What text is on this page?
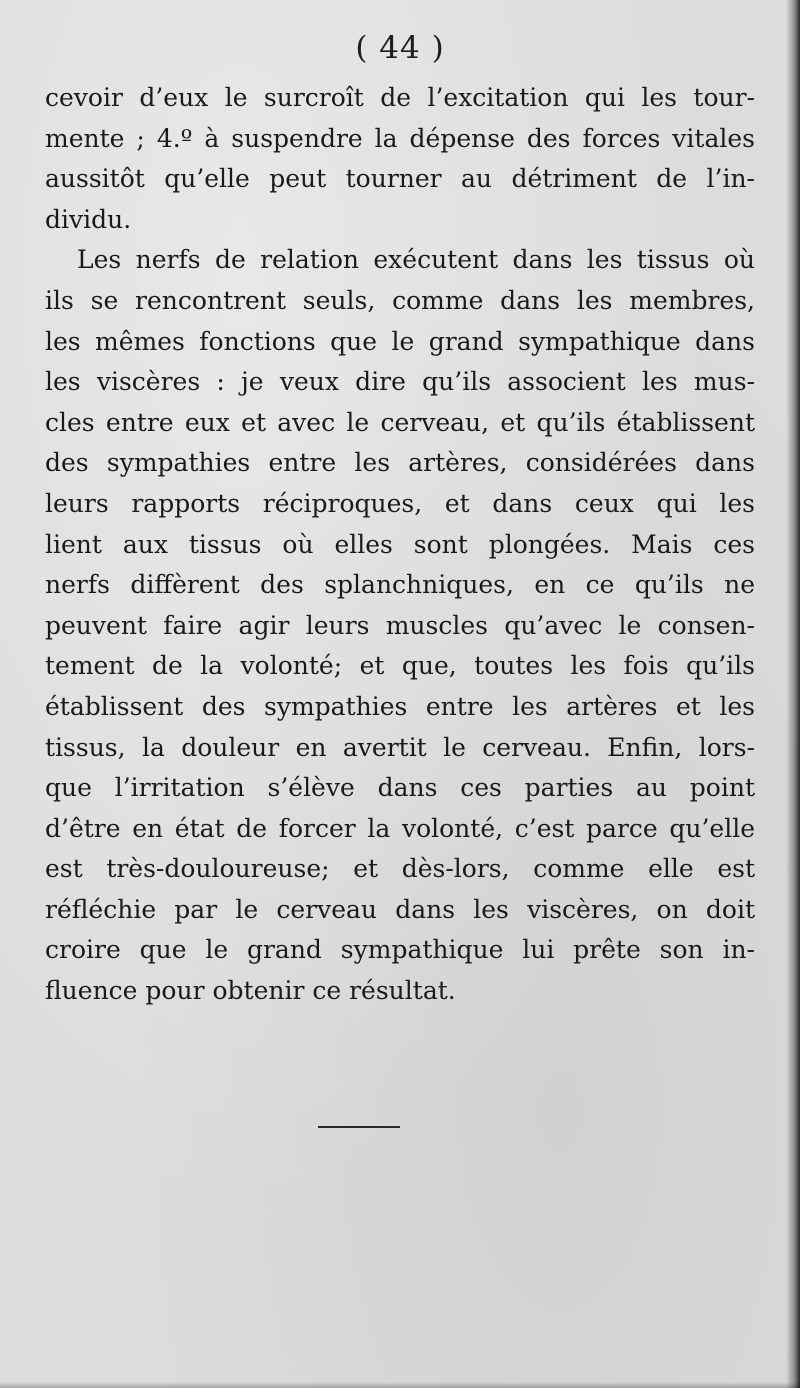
( 44 )
cevoir d’eux le surcroît de l’excitation qui les tour-
mente ; 4.º à suspendre la dépense des forces vitales
aussitôt qu’elle peut tourner au détriment de l’in-
dividu.
Les nerfs de relation exécutent dans les tissus où
ils se rencontrent seuls, comme dans les membres,
les mêmes fonctions que le grand sympathique dans
les viscères : je veux dire qu’ils associent les mus-
cles entre eux et avec le cerveau, et qu’ils établissent
des sympathies entre les artères, considérées dans
leurs rapports réciproques, et dans ceux qui les
lient aux tissus où elles sont plongées. Mais ces
nerfs diffèrent des splanchniques, en ce qu’ils ne
peuvent faire agir leurs muscles qu’avec le consen-
tement de la volonté; et que, toutes les fois qu’ils
établissent des sympathies entre les artères et les
tissus, la douleur en avertit le cerveau. Enfin, lors-
que l’irritation s’élève dans ces parties au point
d’être en état de forcer la volonté, c’est parce qu’elle
est très-douloureuse; et dès-lors, comme elle est
réfléchie par le cerveau dans les viscères, on doit
croire que le grand sympathique lui prête son in-
fluence pour obtenir ce résultat.
